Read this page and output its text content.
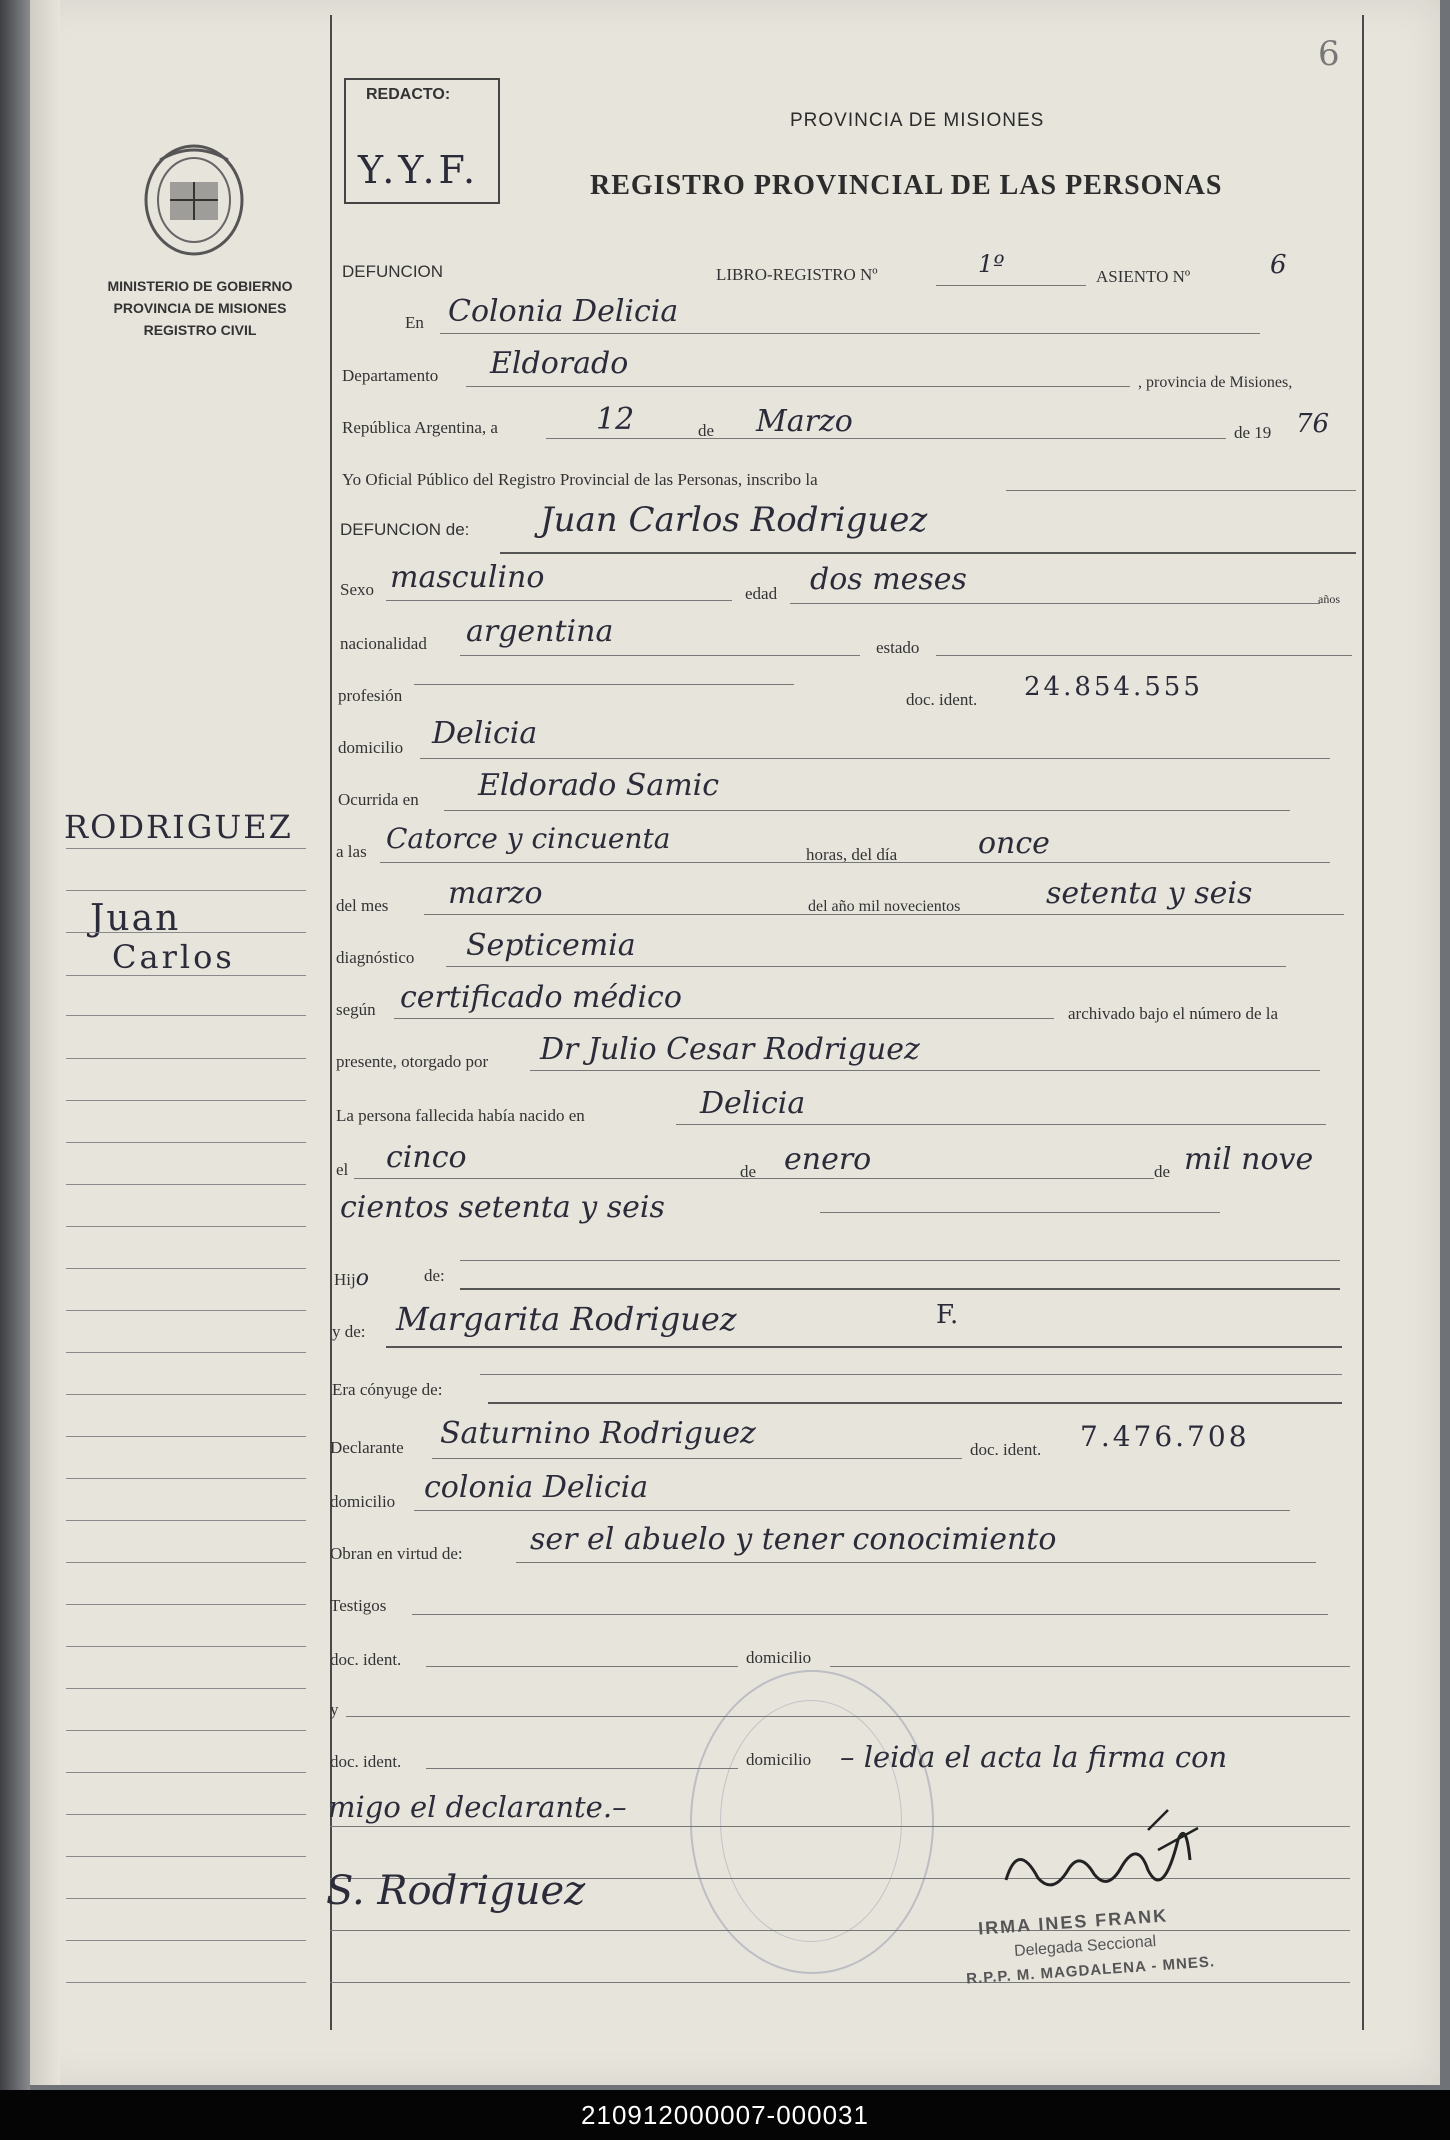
6
MINISTERIO DE GOBIERNO
PROVINCIA DE MISIONES
REGISTRO CIVIL
RODRIGUEZ
Juan
Carlos
REDACTO:
Y.Y.F.
PROVINCIA DE MISIONES
REGISTRO PROVINCIAL DE LAS PERSONAS
DEFUNCION	LIBRO-REGISTRO Nº	1º	ASIENTO Nº	6
En Colonia Delicia
Departamento Eldorado
, provincia de Misiones,
República Argentina, a	12	de Marzo	de 19 76
Yo Oficial Público del Registro Provincial de las Personas, inscribo la
DEFUNCION de: Juan Carlos Rodriguez
Sexo masculino	edad dos meses
años
nacionalidad argentina	estado
profesión	doc. ident. 24.854.555
domicilio Delicia
Ocurrida en Eldorado Samic
a las Catorce y cincuenta	horas, del día	once
del mes marzo	del año mil novecientos	setenta y seis
diagnóstico Septicemia
según certificado médico	archivado bajo el número de la
presente, otorgado por Dr Julio Cesar Rodriguez
La persona fallecida había nacido en	Delicia
el cinco	de enero	de mil nove
cientos setenta y seis
Hijo	de:
y de: Margarita Rodriguez	F.
Era cónyuge de:
Declarante Saturnino Rodriguez	doc. ident. 7.476.708
domicilio colonia Delicia
Obran en virtud de: ser el abuelo y tener conocimiento
Testigos
doc. ident.	domicilio
y
doc. ident.	domicilio – leida el acta la firma con
migo el declarante.–
S. Rodriguez
IRMA INES FRANK
Delegada Seccional
R.P.P. M. MAGDALENA - MNES.
210912000007-000031
